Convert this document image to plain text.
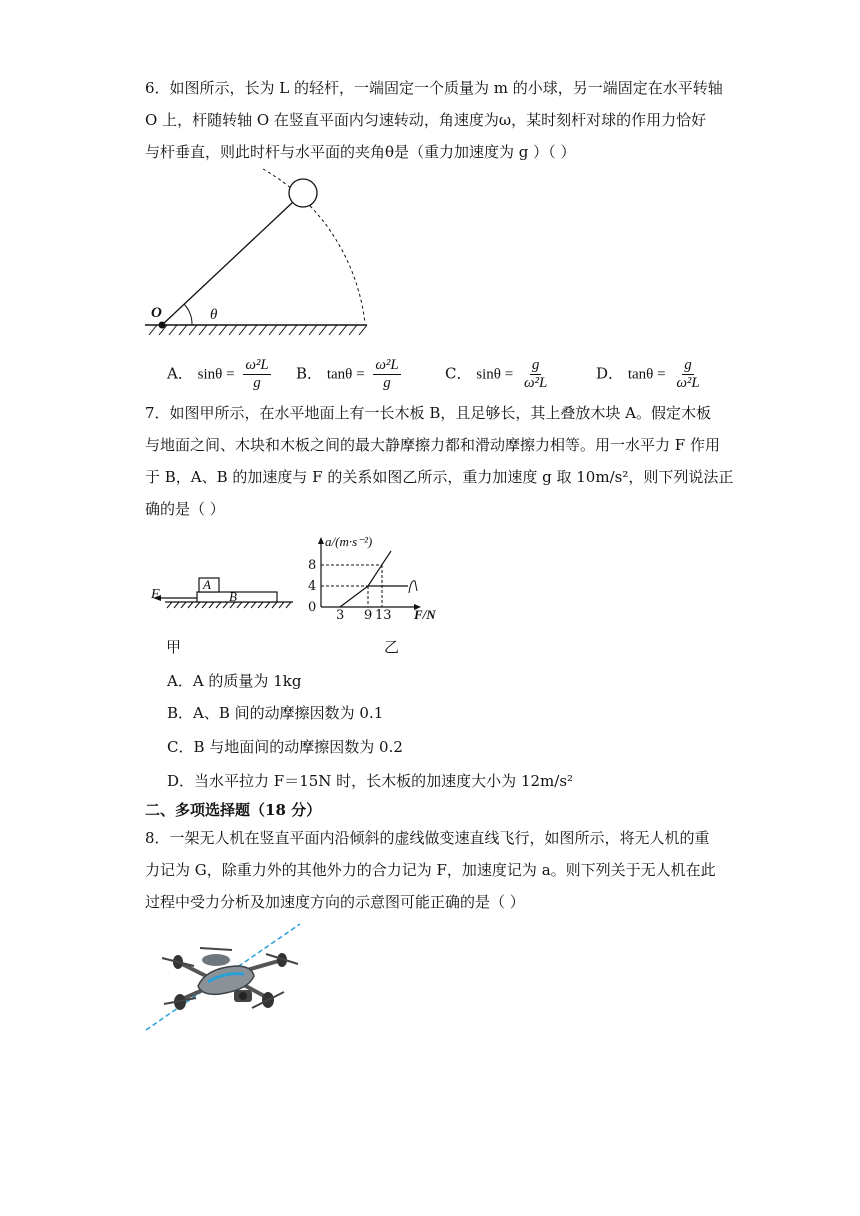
6．如图所示，长为 L 的轻杆，一端固定一个质量为 m 的小球，另一端固定在水平转轴
O 上，杆随转轴 O 在竖直平面内匀速转动，角速度为ω，某时刻杆对球的作用力恰好
与杆垂直，则此时杆与水平面的夹角θ是（重力加速度为 g ）（ ）
O	θ
A． $\sin\theta = \frac{\text{ω²L}}{g}$ B． $\tan\theta = \frac{\text{ω²L}}{g}$	C． $\sin\theta = \frac{g}{\text{ω²L}}$	D． $\tan\theta = \frac{g}{\text{ω²L}}$
7．如图甲所示，在水平地面上有一长木板 B，且足够长，其上叠放木块 A。假定木板
与地面之间、木块和木板之间的最大静摩擦力都和滑动摩擦力相等。用一水平力 F 作用
于 B，A、B 的加速度与 F 的关系如图乙所示，重力加速度 g 取 10m/s²，则下列说法正
确的是（ ）
F
A
B
甲
a/(m·s⁻²)
F/N
0
8
4
3 9 13
乙
A．A 的质量为 1kg
B．A、B 间的动摩擦因数为 0.1
C．B 与地面间的动摩擦因数为 0.2
D．当水平拉力 F＝15N 时，长木板的加速度大小为 12m/s²
二、多项选择题（18 分）
8．一架无人机在竖直平面内沿倾斜的虚线做变速直线飞行，如图所示，将无人机的重
力记为 G，除重力外的其他外力的合力记为 F，加速度记为 a。则下列关于无人机在此
过程中受力分析及加速度方向的示意图可能正确的是（ ）
